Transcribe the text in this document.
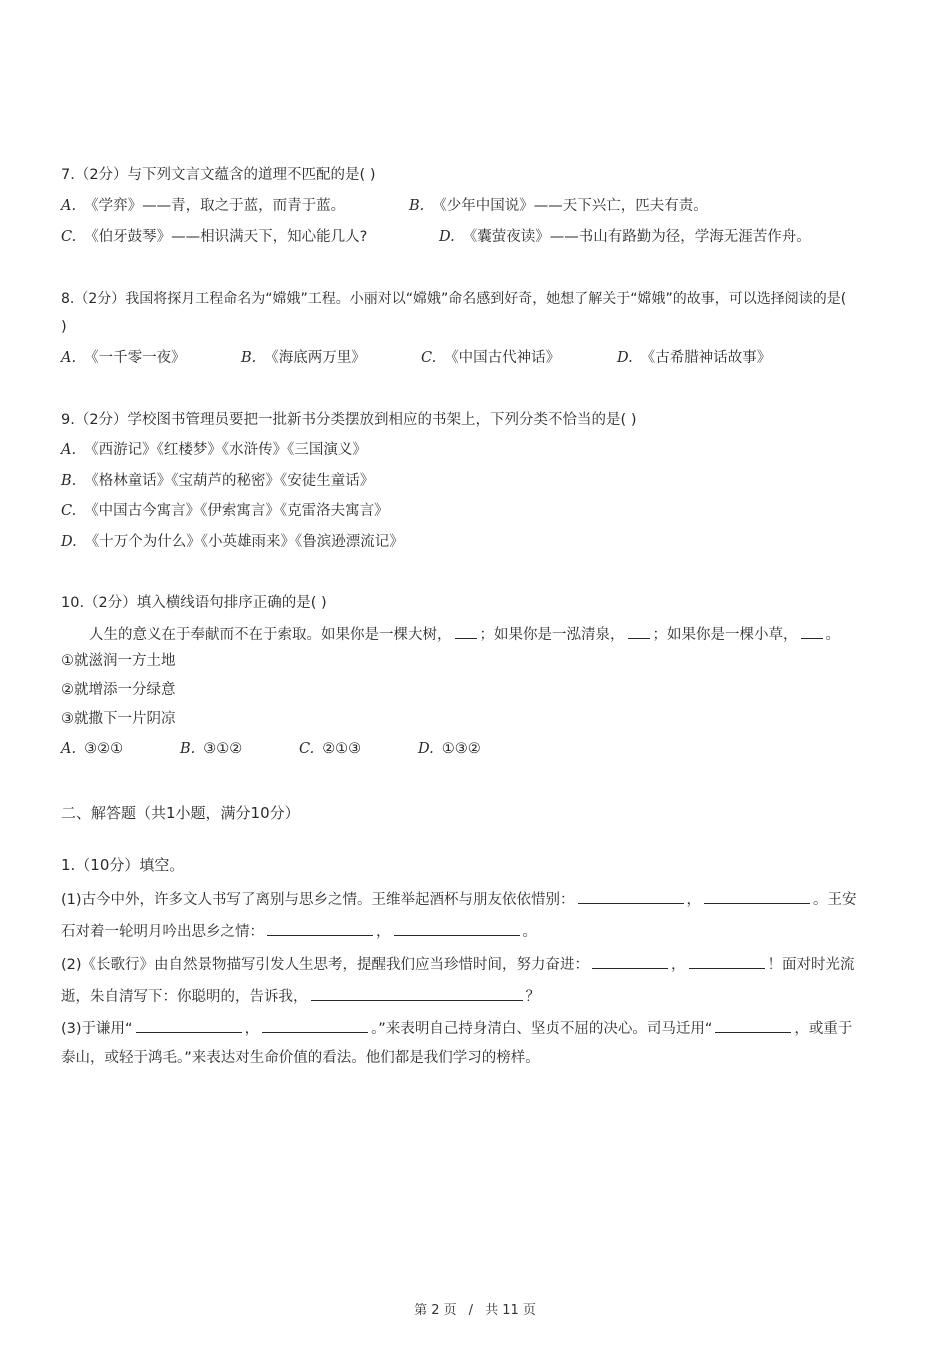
7.（2分）与下列文言文蕴含的道理不匹配的是( )
A. 《学弈》——青，取之于蓝，而青于蓝。	B. 《少年中国说》——天下兴亡，匹夫有责。
C. 《伯牙鼓琴》——相识满天下，知心能几人?	D. 《囊萤夜读》——书山有路勤为径，学海无涯苦作舟。
8.（2分）我国将探月工程命名为“嫦娥”工程。小丽对以“嫦娥”命名感到好奇，她想了解关于“嫦娥”的故事，可以选择阅读的是(
)
A. 《一千零一夜》	B. 《海底两万里》	C. 《中国古代神话》	D. 《古希腊神话故事》
9.（2分）学校图书管理员要把一批新书分类摆放到相应的书架上，下列分类不恰当的是( )
A. 《西游记》《红楼梦》《水浒传》《三国演义》
B. 《格林童话》《宝葫芦的秘密》《安徒生童话》
C. 《中国古今寓言》《伊索寓言》《克雷洛夫寓言》
D. 《十万个为什么》《小英雄雨来》《鲁滨逊漂流记》
10.（2分）填入横线语句排序正确的是( )
人生的意义在于奉献而不在于索取。如果你是一棵大树， ；如果你是一泓清泉， ；如果你是一棵小草， 。
①就滋润一方土地
②就增添一分绿意
③就撒下一片阴凉
A. ③②①	B. ③①②	C. ②①③	D. ①③②
二、解答题（共1小题，满分10分）
1.（10分）填空。
(1)古今中外，许多文人书写了离别与思乡之情。王维举起酒杯与朋友依依惜别：	，	。王安
石对着一轮明月吟出思乡之情：	，	。
(2)《长歌行》由自然景物描写引发人生思考，提醒我们应当珍惜时间，努力奋进：	，	！面对时光流
逝，朱自清写下：你聪明的，告诉我，	？
(3)于谦用“	，	。”来表明自己持身清白、坚贞不屈的决心。司马迁用“	，或重于
泰山，或轻于鸿毛。”来表达对生命价值的看法。他们都是我们学习的榜样。
第 2 页 / 共 11 页
